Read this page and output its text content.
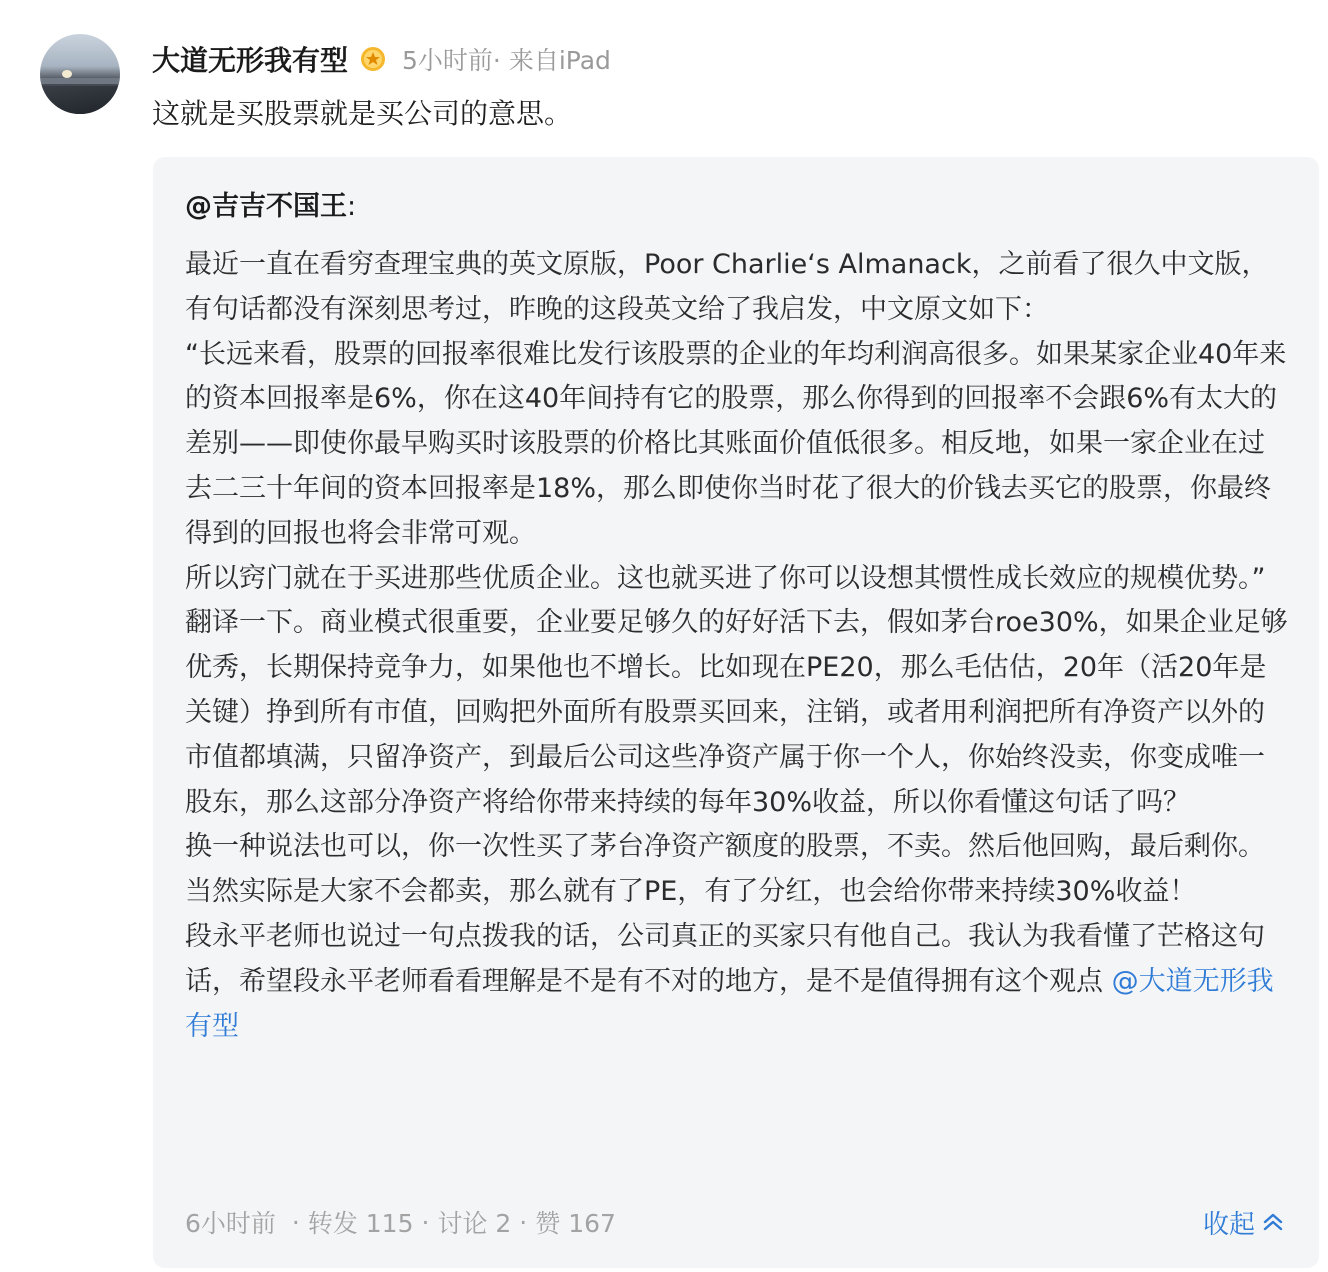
大道无形我有型 5小时前 · 来自iPad
这就是买股票就是买公司的意思。
@吉吉不国王:

最近一直在看穷查理宝典的英文原版，Poor Charlie‘s Almanack，之前看了很久中文版，有句话都没有深刻思考过，昨晚的这段英文给了我启发，中文原文如下：

“长远来看，股票的回报率很难比发行该股票的企业的年均利润高很多。如果某家企业40年来的资本回报率是6%，你在这40年间持有它的股票，那么你得到的回报率不会跟6%有太大的差别——即使你最早购买时该股票的价格比其账面价值低很多。相反地，如果一家企业在过去二三十年间的资本回报率是18%，那么即使你当时花了很大的价钱去买它的股票，你最终得到的回报也将会非常可观。

所以窍门就在于买进那些优质企业。这也就买进了你可以设想其惯性成长效应的规模优势。”

翻译一下。商业模式很重要，企业要足够久的好好活下去，假如茅台roe30%，如果企业足够优秀，长期保持竞争力，如果他也不增长。比如现在PE20，那么毛估估，20年（活20年是关键）挣到所有市值，回购把外面所有股票买回来，注销，或者用利润把所有净资产以外的市值都填满，只留净资产，到最后公司这些净资产属于你一个人，你始终没卖，你变成唯一股东，那么这部分净资产将给你带来持续的每年30%收益，所以你看懂这句话了吗？

换一种说法也可以，你一次性买了茅台净资产额度的股票，不卖。然后他回购，最后剩你。

当然实际是大家不会都卖，那么就有了PE，有了分红，也会给你带来持续30%收益！

段永平老师也说过一句点拨我的话，公司真正的买家只有他自己。我认为我看懂了芒格这句话，希望段永平老师看看理解是不是有不对的地方，是不是值得拥有这个观点 @大道无形我有型

6小时前 · 转发 115 · 讨论 2 · 赞 167	收起
